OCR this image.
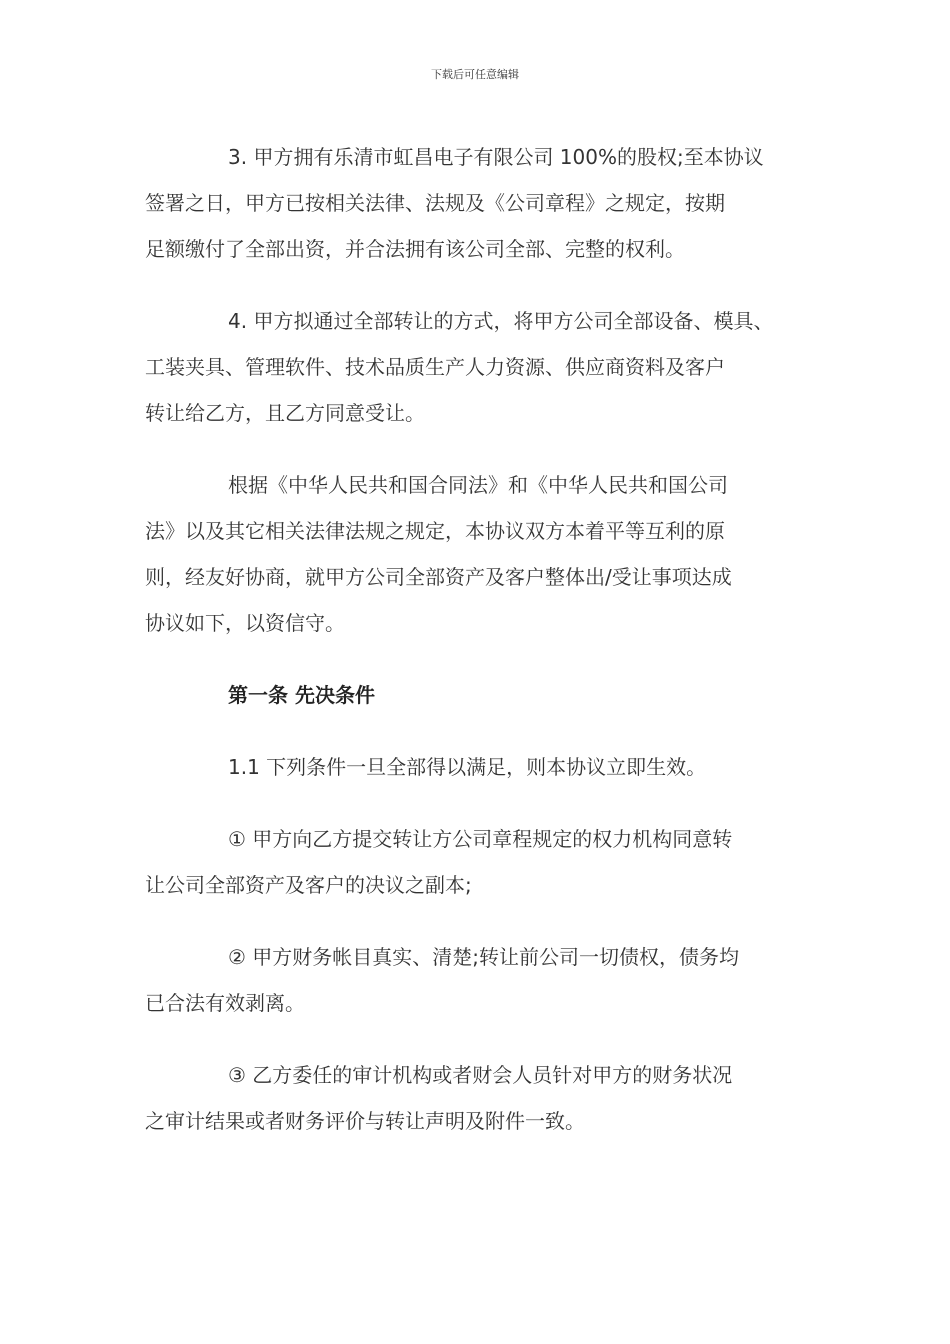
下载后可任意编辑

3. 甲方拥有乐清市虹昌电子有限公司 100%的股权;至本协议
签署之日，甲方已按相关法律、法规及《公司章程》之规定，按期
足额缴付了全部出资，并合法拥有该公司全部、完整的权利。

4. 甲方拟通过全部转让的方式，将甲方公司全部设备、模具、
工装夹具、管理软件、技术品质生产人力资源、供应商资料及客户
转让给乙方，且乙方同意受让。

根据《中华人民共和国合同法》和《中华人民共和国公司
法》以及其它相关法律法规之规定，本协议双方本着平等互利的原
则，经友好协商，就甲方公司全部资产及客户整体出/受让事项达成
协议如下，以资信守。

第一条 先决条件

1.1 下列条件一旦全部得以满足，则本协议立即生效。

① 甲方向乙方提交转让方公司章程规定的权力机构同意转
让公司全部资产及客户的决议之副本;

② 甲方财务帐目真实、清楚;转让前公司一切债权，债务均
已合法有效剥离。

③ 乙方委任的审计机构或者财会人员针对甲方的财务状况
之审计结果或者财务评价与转让声明及附件一致。
